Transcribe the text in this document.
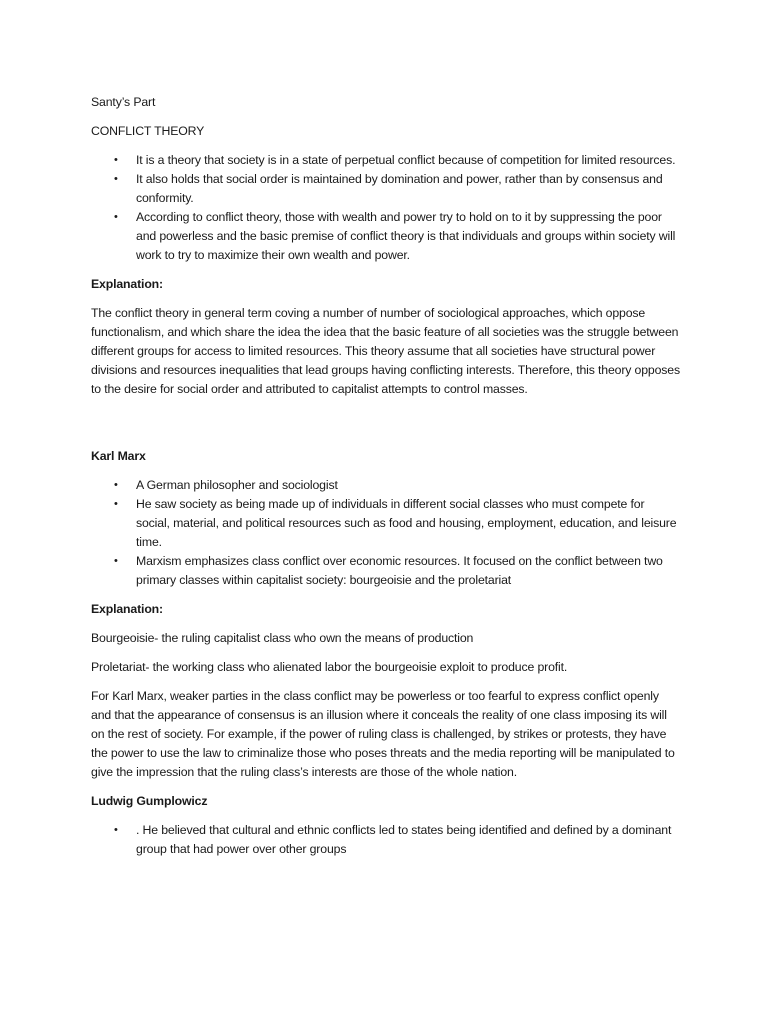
Santy’s Part

CONFLICT THEORY

• It is a theory that society is in a state of perpetual conflict because of competition for limited resources.
• It also holds that social order is maintained by domination and power, rather than by consensus and conformity.
• According to conflict theory, those with wealth and power try to hold on to it by suppressing the poor and powerless and the basic premise of conflict theory is that individuals and groups within society will work to try to maximize their own wealth and power.

Explanation:

The conflict theory in general term coving a number of number of sociological approaches, which oppose functionalism, and which share the idea the idea that the basic feature of all societies was the struggle between different groups for access to limited resources. This theory assume that all societies have structural power divisions and resources inequalities that lead groups having conflicting interests. Therefore, this theory opposes to the desire for social order and attributed to capitalist attempts to control masses.

Karl Marx

• A German philosopher and sociologist
• He saw society as being made up of individuals in different social classes who must compete for social, material, and political resources such as food and housing, employment, education, and leisure time.
• Marxism emphasizes class conflict over economic resources. It focused on the conflict between two primary classes within capitalist society: bourgeoisie and the proletariat

Explanation:

Bourgeoisie- the ruling capitalist class who own the means of production

Proletariat- the working class who alienated labor the bourgeoisie exploit to produce profit.

For Karl Marx, weaker parties in the class conflict may be powerless or too fearful to express conflict openly and that the appearance of consensus is an illusion where it conceals the reality of one class imposing its will on the rest of society. For example, if the power of ruling class is challenged, by strikes or protests, they have the power to use the law to criminalize those who poses threats and the media reporting will be manipulated to give the impression that the ruling class’s interests are those of the whole nation.

Ludwig Gumplowicz

• . He believed that cultural and ethnic conflicts led to states being identified and defined by a dominant group that had power over other groups
